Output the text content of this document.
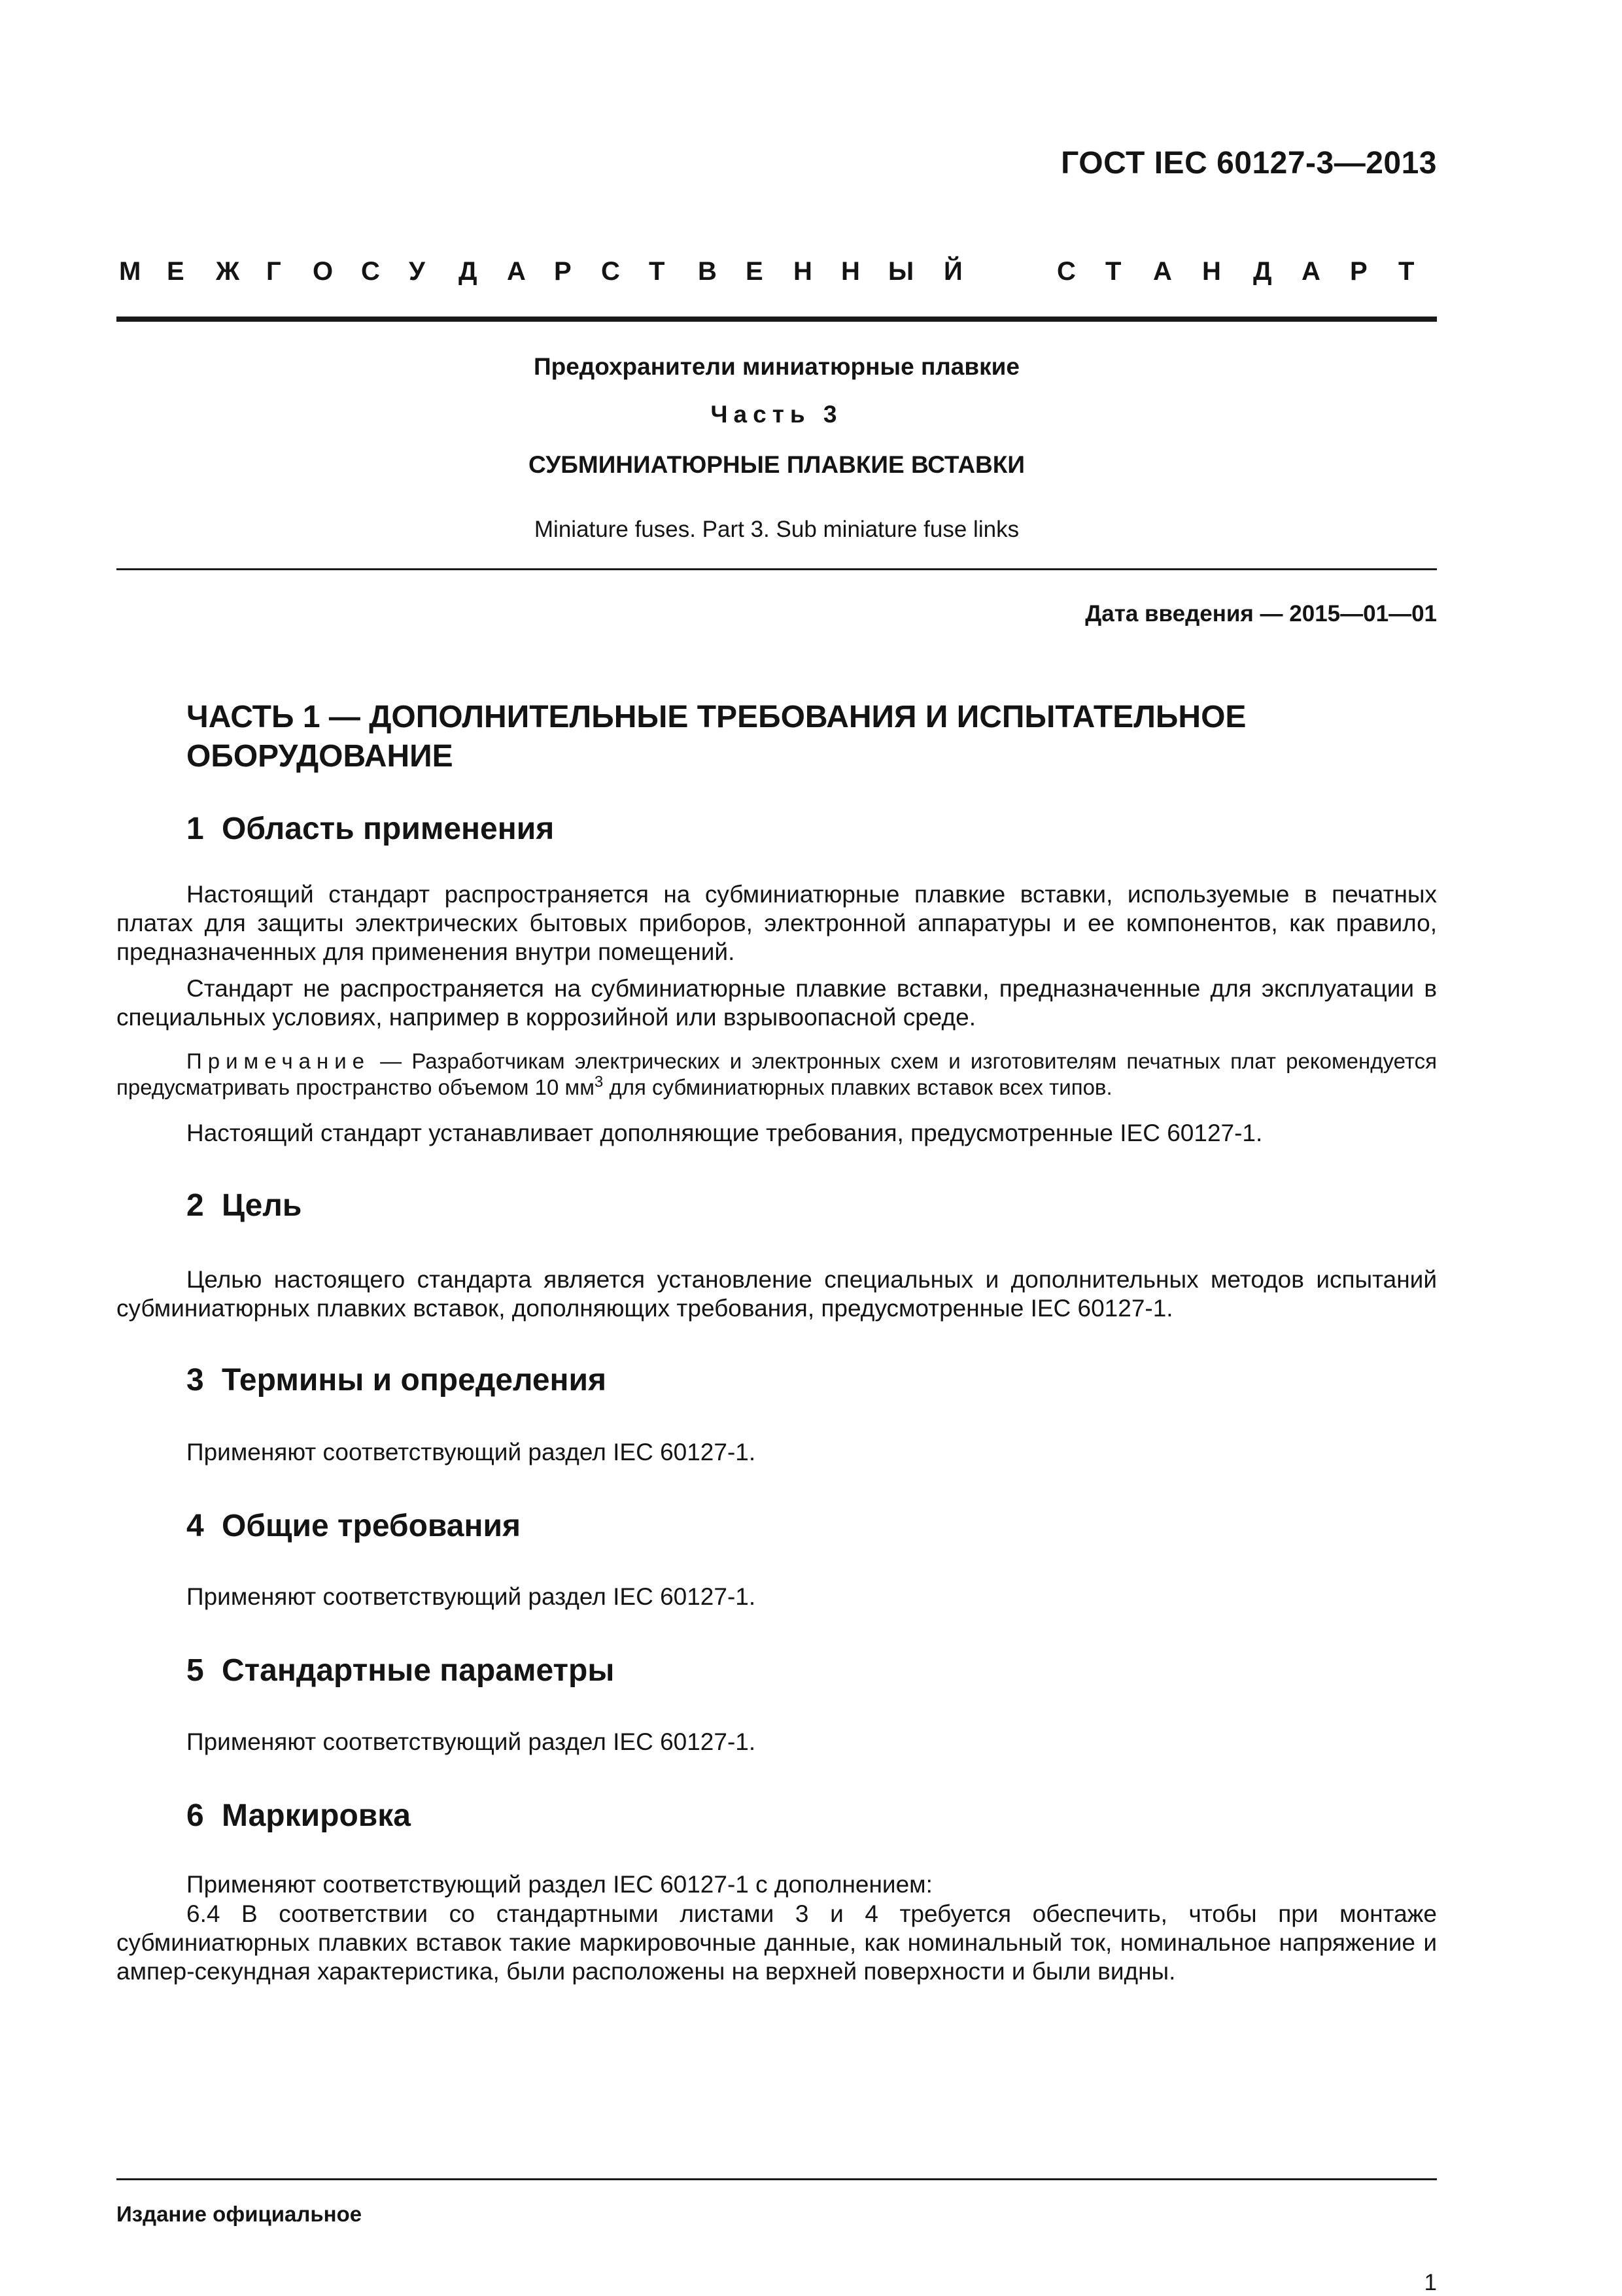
ГОСТ IEC 60127-3—2013
М Е Ж Г О С У Д А Р С Т В Е Н Н Ы Й	С Т А Н Д А Р Т
Предохранители миниатюрные плавкие
Часть 3
СУБМИНИАТЮРНЫЕ ПЛАВКИЕ ВСТАВКИ
Miniature fuses. Part 3. Sub miniature fuse links
Дата введения — 2015—01—01
ЧАСТЬ 1 — ДОПОЛНИТЕЛЬНЫЕ ТРЕБОВАНИЯ И ИСПЫТАТЕЛЬНОЕ ОБОРУДОВАНИЕ
1 Область применения
Настоящий стандарт распространяется на субминиатюрные плавкие вставки, используемые в печатных платах для защиты электрических бытовых приборов, электронной аппаратуры и ее компонентов, как правило, предназначенных для применения внутри помещений.
Стандарт не распространяется на субминиатюрные плавкие вставки, предназначенные для эксплуатации в специальных условиях, например в коррозийной или взрывоопасной среде.
Примечание — Разработчикам электрических и электронных схем и изготовителям печатных плат рекомендуется предусматривать пространство объемом 10 $мм^3$ для субминиатюрных плавких вставок всех типов.
Настоящий стандарт устанавливает дополняющие требования, предусмотренные IEC 60127-1.
2 Цель
Целью настоящего стандарта является установление специальных и дополнительных методов испытаний субминиатюрных плавких вставок, дополняющих требования, предусмотренные IEC 60127-1.
3 Термины и определения
Применяют соответствующий раздел IEC 60127-1.
4 Общие требования
Применяют соответствующий раздел IEC 60127-1.
5 Стандартные параметры
Применяют соответствующий раздел IEC 60127-1.
6 Маркировка
Применяют соответствующий раздел IEC 60127-1 с дополнением:
6.4 В соответствии со стандартными листами 3 и 4 требуется обеспечить, чтобы при монтаже субминиатюрных плавких вставок такие маркировочные данные, как номинальный ток, номинальное напряжение и ампер-секундная характеристика, были расположены на верхней поверхности и были видны.
Издание официальное
1
